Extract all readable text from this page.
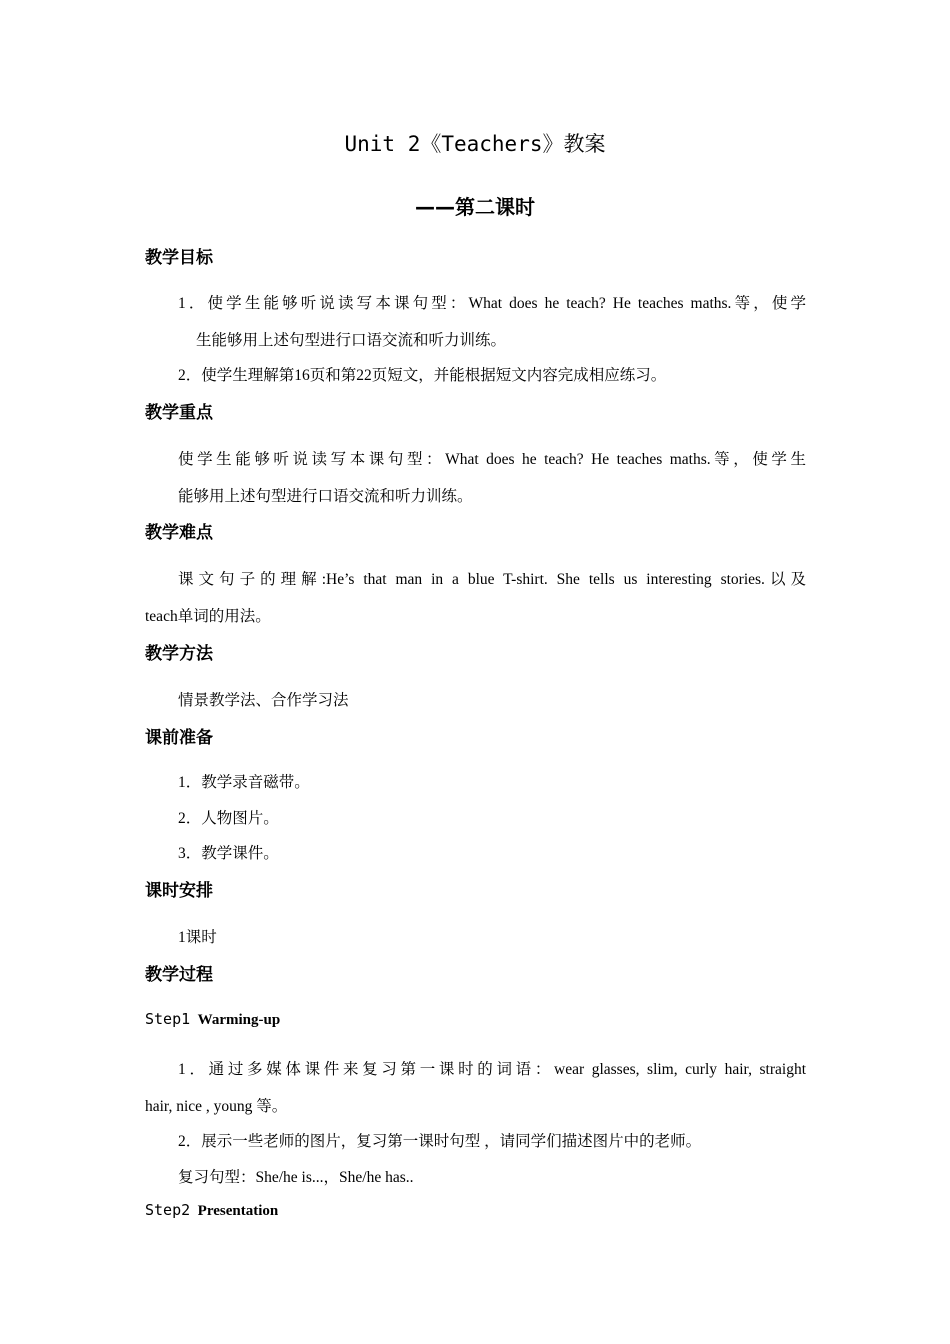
Unit 2《Teachers》教案
——第二课时
教学目标
1．使学生能够听说读写本课句型：What does he teach? He teaches maths.等，使学
生能够用上述句型进行口语交流和听力训练。
2．使学生理解第16页和第22页短文，并能根据短文内容完成相应练习。
教学重点
使学生能够听说读写本课句型：What does he teach? He teaches maths.等，使学生
能够用上述句型进行口语交流和听力训练。
教学难点
课文句子的理解:He’s that man in a blue T-shirt. She tells us interesting stories.以及
teach单词的用法。
教学方法
情景教学法、合作学习法
课前准备
1．教学录音磁带。
2．人物图片。
3．教学课件。
课时安排
1课时
教学过程
Step1 Warming-up
1．通过多媒体课件来复习第一课时的词语：wear glasses, slim, curly hair, straight
hair, nice , young 等。
2．展示一些老师的图片，复习第一课时句型 ，请同学们描述图片中的老师。
复习句型：She/he is...，She/he has..
Step2 Presentation
